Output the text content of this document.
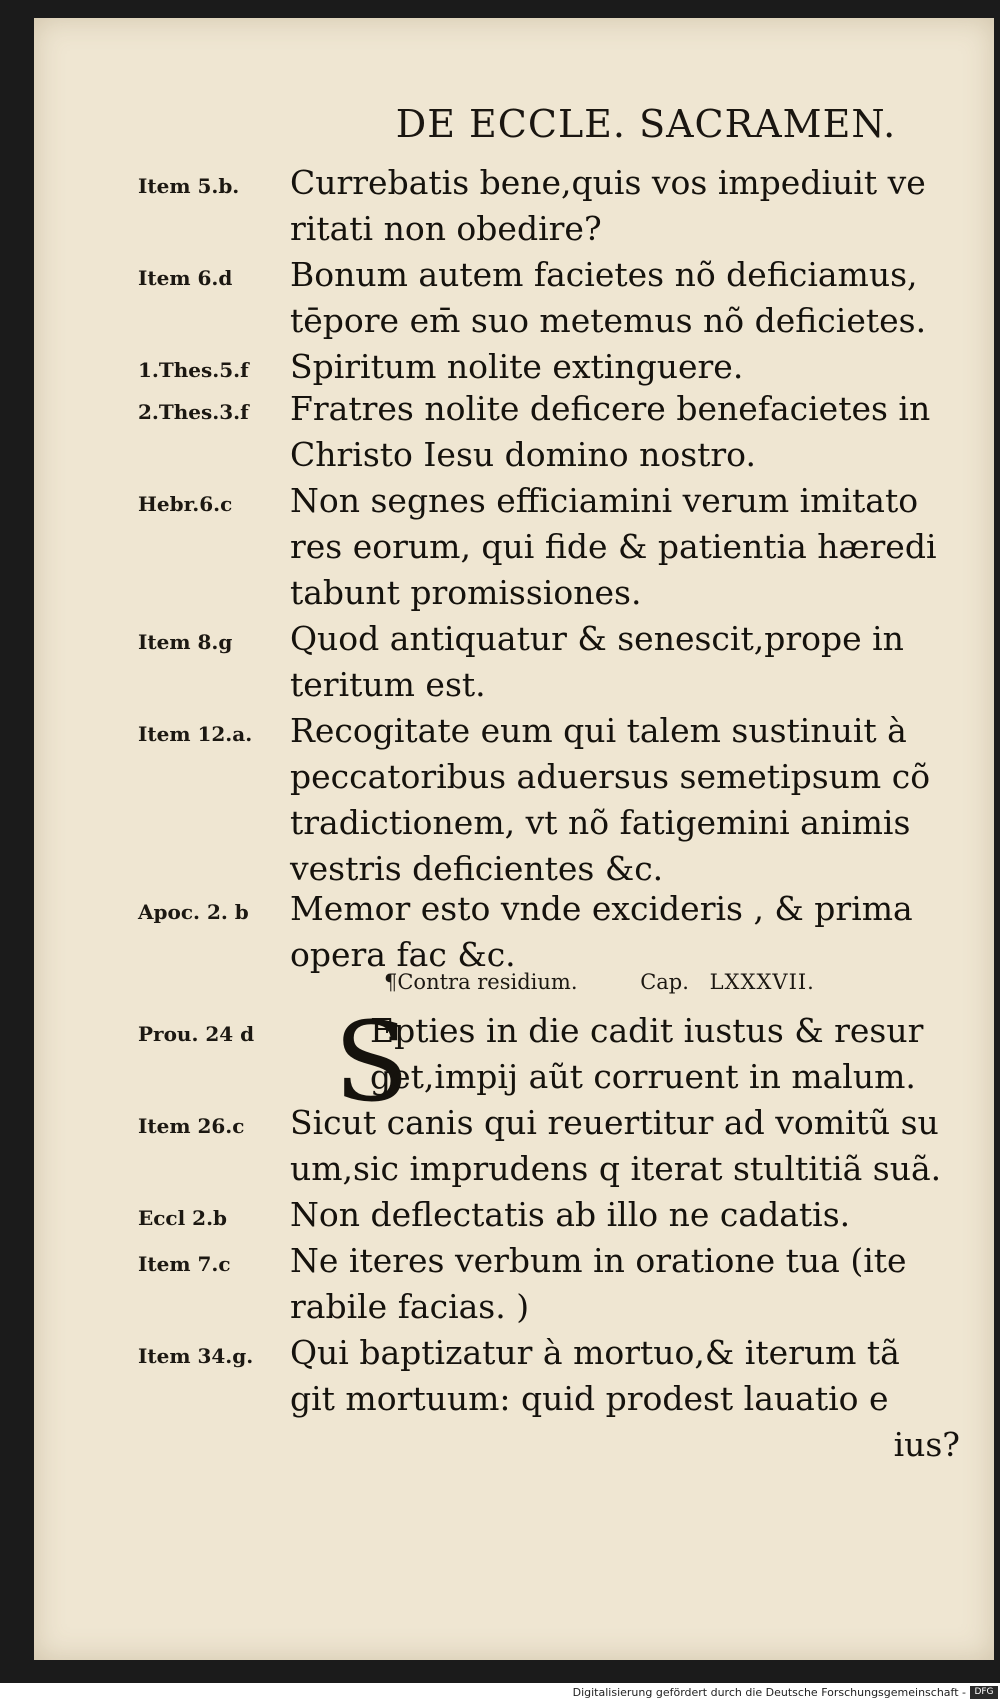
DE ECCLE. SACRAMEN.
Item 5.b.	Currebatis bene,quis vos impediuit ve
ritati non obedire?
Item 6.d	Bonum autem facietes nõ deficiamus,
tēpore em̄ suo metemus nõ deficietes.
1.Thes.5.f	Spiritum nolite extinguere.
2.Thes.3.f	Fratres nolite deficere benefacietes in
Christo Iesu domino nostro.
Hebr.6.c	Non segnes efficiamini verum imitato
res eorum, qui fide & patientia hæredi
tabunt promissiones.
Item 8.g	Quod antiquatur & senescit,prope in
teritum est.
Item 12.a.	Recogitate eum qui talem sustinuit à
peccatoribus aduersus semetipsum cõ
tradictionem, vt nõ fatigemini animis
vestris deficientes &c.
Apoc. 2. b	Memor esto vnde excideris , & prima
opera fac &c.
¶Contra residium.	Cap. LXXXVII.
S
Prou. 24 d	Epties in die cadit iustus & resur
get,impij aũt corruent in malum.
Item 26.c	Sicut canis qui reuertitur ad vomitũ su
um,sic imprudens q iterat stultitiã suã.
Eccl 2.b	Non deflectatis ab illo ne cadatis.
Item 7.c	Ne iteres verbum in oratione tua (ite
rabile facias. )
Item 34.g.	Qui baptizatur à mortuo,& iterum tã
git mortuum: quid prodest lauatio e
ius?
Digitalisierung gefördert durch die Deutsche Forschungsgemeinschaft - DFG
